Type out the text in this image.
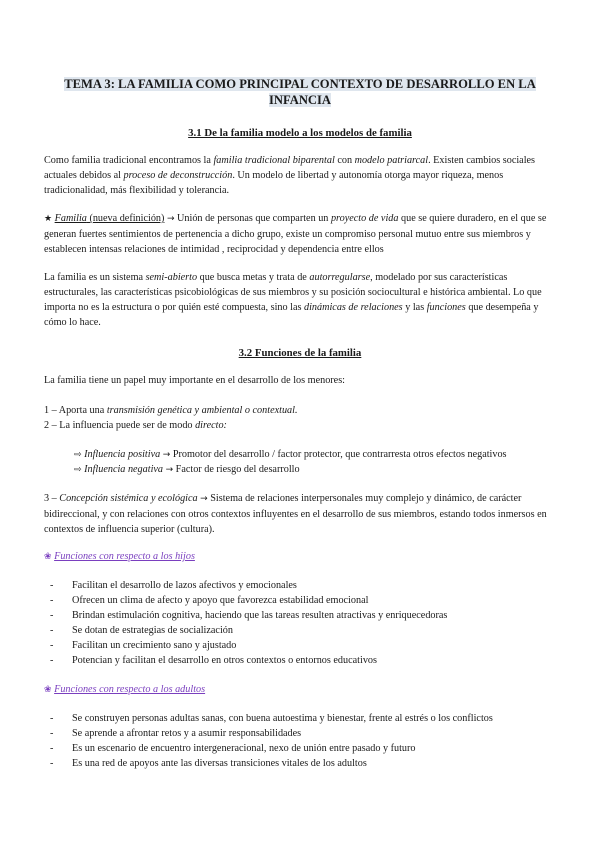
TEMA 3: LA FAMILIA COMO PRINCIPAL CONTEXTO DE DESARROLLO EN LA
INFANCIA
3.1 De la familia modelo a los modelos de familia

Como familia tradicional encontramos la familia tradicional biparental con modelo patriarcal. Existen cambios sociales actuales debidos al proceso de deconstrucción. Un modelo de libertad y autonomía otorga mayor riqueza, menos tradicionalidad, más flexibilidad y tolerancia.

★ Familia (nueva definición) → Unión de personas que comparten un proyecto de vida que se quiere duradero, en el que se generan fuertes sentimientos de pertenencia a dicho grupo, existe un compromiso personal mutuo entre sus miembros y establecen intensas relaciones de intimidad , reciprocidad y dependencia entre ellos

La familia es un sistema semi-abierto que busca metas y trata de autorregularse, modelado por sus características estructurales, las características psicobiológicas de sus miembros y su posición sociocultural e histórica ambiental. Lo que importa no es la estructura o por quién esté compuesta, sino las dinámicas de relaciones y las funciones que desempeña y cómo lo hace.

3.2 Funciones de la familia

La familia tiene un papel muy importante en el desarrollo de los menores:

1 – Aporta una transmisión genética y ambiental o contextual.

2 – La influencia puede ser de modo directo:

⇨ Influencia positiva → Promotor del desarrollo / factor protector, que contrarresta otros efectos negativos

⇨ Influencia negativa → Factor de riesgo del desarrollo

3 – Concepción sistémica y ecológica → Sistema de relaciones interpersonales muy complejo y dinámico, de carácter bidireccional, y con relaciones con otros contextos influyentes en el desarrollo de sus miembros, estando todos inmersos en contextos de influencia superior (cultura).

❀ Funciones con respecto a los hijos
- Facilitan el desarrollo de lazos afectivos y emocionales
- Ofrecen un clima de afecto y apoyo que favorezca estabilidad emocional
- Brindan estimulación cognitiva, haciendo que las tareas resulten atractivas y enriquecedoras
- Se dotan de estrategias de socialización
- Facilitan un crecimiento sano y ajustado
- Potencian y facilitan el desarrollo en otros contextos o entornos educativos
❀ Funciones con respecto a los adultos
- Se construyen personas adultas sanas, con buena autoestima y bienestar, frente al estrés o los conflictos
- Se aprende a afrontar retos y a asumir responsabilidades
- Es un escenario de encuentro intergeneracional, nexo de unión entre pasado y futuro
- Es una red de apoyos ante las diversas transiciones vitales de los adultos
